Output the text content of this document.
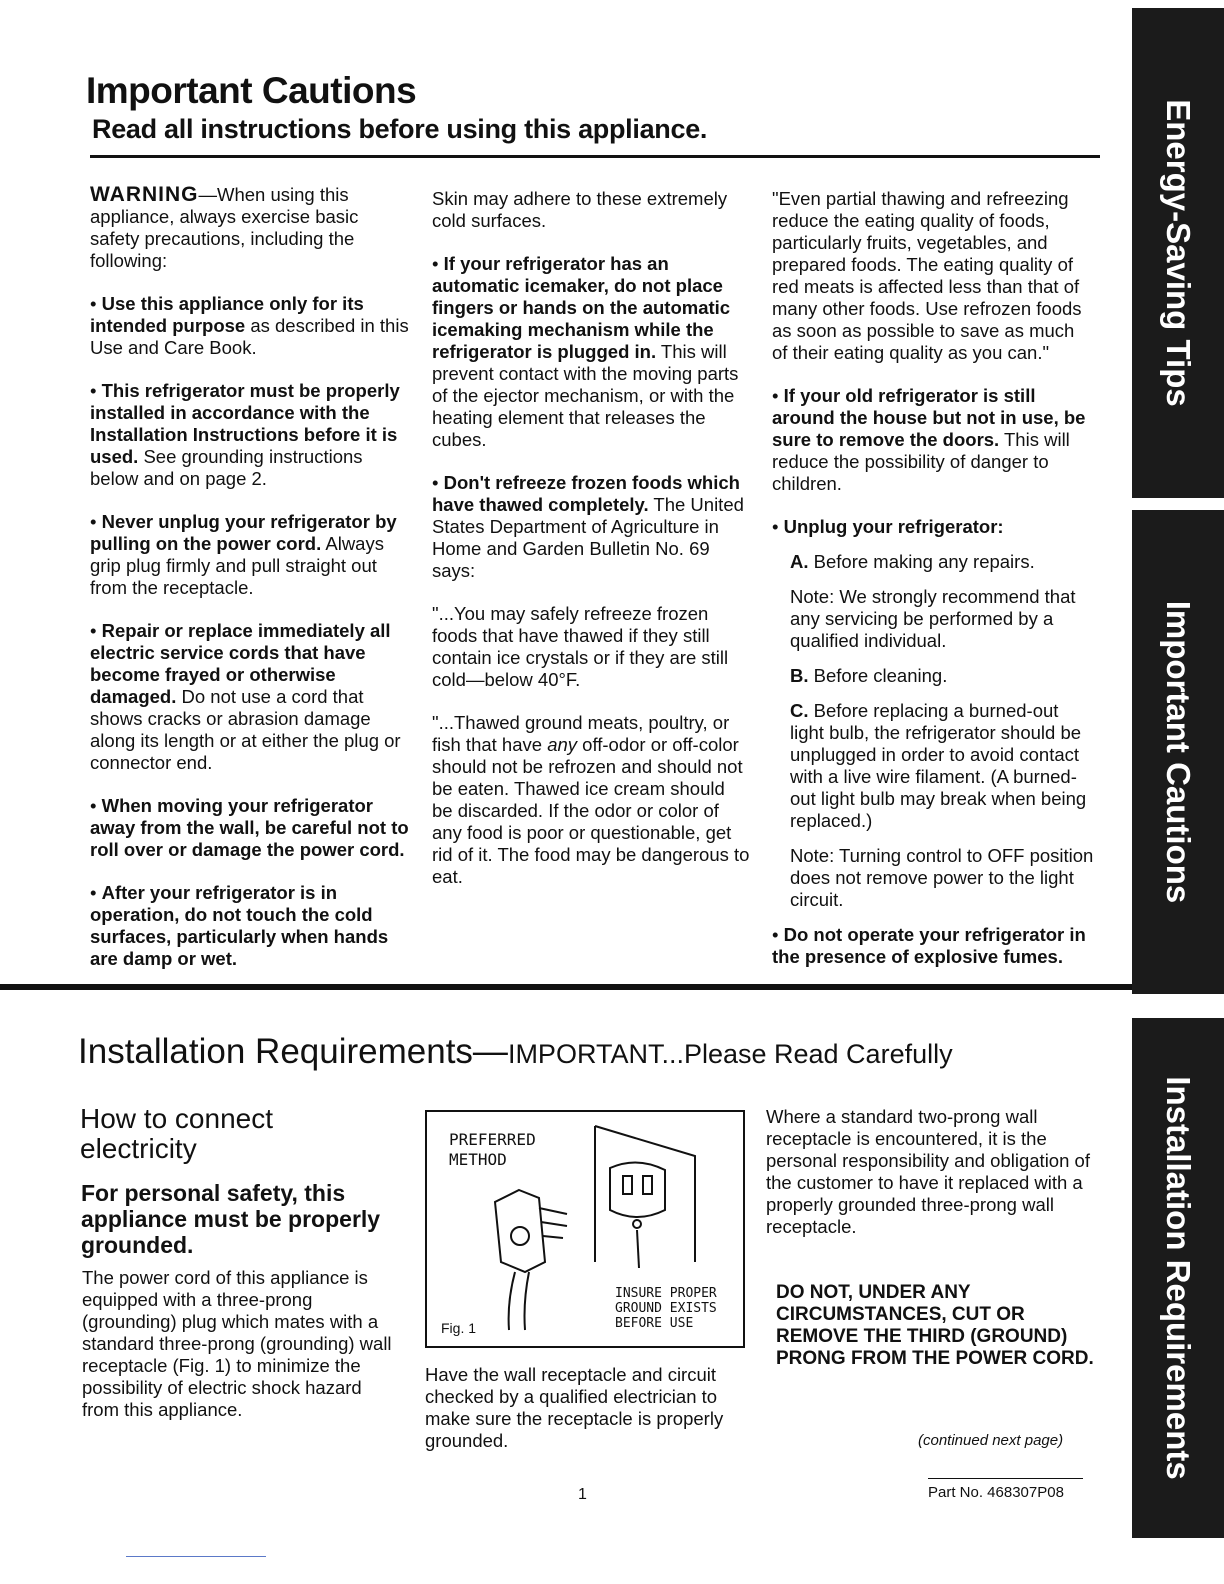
Important Cautions
Read all instructions before using this appliance.

WARNING—When using this appliance, always exercise basic safety precautions, including the following:

• Use this appliance only for its intended purpose as described in this Use and Care Book.

• This refrigerator must be properly installed in accordance with the Installation Instructions before it is used. See grounding instructions below and on page 2.

• Never unplug your refrigerator by pulling on the power cord. Always grip plug firmly and pull straight out from the receptacle.

• Repair or replace immediately all electric service cords that have become frayed or otherwise damaged. Do not use a cord that shows cracks or abrasion damage along its length or at either the plug or connector end.

• When moving your refrigerator away from the wall, be careful not to roll over or damage the power cord.

• After your refrigerator is in operation, do not touch the cold surfaces, particularly when hands are damp or wet.

Skin may adhere to these extremely cold surfaces.

• If your refrigerator has an automatic icemaker, do not place fingers or hands on the automatic icemaking mechanism while the refrigerator is plugged in. This will prevent contact with the moving parts of the ejector mechanism, or with the heating element that releases the cubes.

• Don't refreeze frozen foods which have thawed completely. The United States Department of Agriculture in Home and Garden Bulletin No. 69 says:

"...You may safely refreeze frozen foods that have thawed if they still contain ice crystals or if they are still cold—below 40°F.

"...Thawed ground meats, poultry, or fish that have any off-odor or off-color should not be refrozen and should not be eaten. Thawed ice cream should be discarded. If the odor or color of any food is poor or questionable, get rid of it. The food may be dangerous to eat.

"Even partial thawing and refreezing reduce the eating quality of foods, particularly fruits, vegetables, and prepared foods. The eating quality of red meats is affected less than that of many other foods. Use refrozen foods as soon as possible to save as much of their eating quality as you can."

• If your old refrigerator is still around the house but not in use, be sure to remove the doors. This will reduce the possibility of danger to children.

• Unplug your refrigerator:

A. Before making any repairs.

Note: We strongly recommend that any servicing be performed by a qualified individual.

B. Before cleaning.

C. Before replacing a burned-out light bulb, the refrigerator should be unplugged in order to avoid contact with a live wire filament. (A burned-out light bulb may break when being replaced.)

Note: Turning control to OFF position does not remove power to the light circuit.

• Do not operate your refrigerator in the presence of explosive fumes.

Installation Requirements—IMPORTANT...Please Read Carefully
How to connect electricity
For personal safety, this appliance must be properly grounded.
The power cord of this appliance is equipped with a three-prong (grounding) plug which mates with a standard three-prong (grounding) wall receptacle (Fig. 1) to minimize the possibility of electric shock hazard from this appliance.
PREFERRED METHOD
INSURE PROPER GROUND EXISTS BEFORE USE
Fig. 1
Have the wall receptacle and circuit checked by a qualified electrician to make sure the receptacle is properly grounded.
Where a standard two-prong wall receptacle is encountered, it is the personal responsibility and obligation of the customer to have it replaced with a properly grounded three-prong wall receptacle.
DO NOT, UNDER ANY CIRCUMSTANCES, CUT OR REMOVE THE THIRD (GROUND) PRONG FROM THE POWER CORD.
(continued next page)
1	Part No. 468307P08
Energy-Saving Tips
Important Cautions
Installation Requirements
